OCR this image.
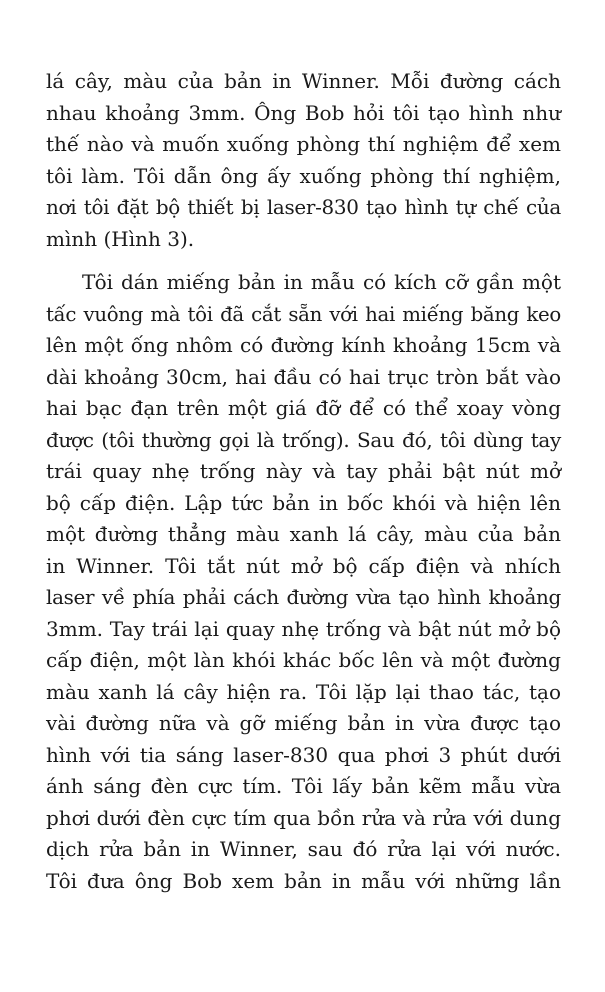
lá cây, màu của bản in Winner. Mỗi đường cách
nhau khoảng 3mm. Ông Bob hỏi tôi tạo hình như
thế nào và muốn xuống phòng thí nghiệm để xem
tôi làm. Tôi dẫn ông ấy xuống phòng thí nghiệm,
nơi tôi đặt bộ thiết bị laser-830 tạo hình tự chế của
mình (Hình 3).
Tôi dán miếng bản in mẫu có kích cỡ gần một
tấc vuông mà tôi đã cắt sẵn với hai miếng băng keo
lên một ống nhôm có đường kính khoảng 15cm và
dài khoảng 30cm, hai đầu có hai trục tròn bắt vào
hai bạc đạn trên một giá đỡ để có thể xoay vòng
được (tôi thường gọi là trống). Sau đó, tôi dùng tay
trái quay nhẹ trống này và tay phải bật nút mở
bộ cấp điện. Lập tức bản in bốc khói và hiện lên
một đường thẳng màu xanh lá cây, màu của bản
in Winner. Tôi tắt nút mở bộ cấp điện và nhích
laser về phía phải cách đường vừa tạo hình khoảng
3mm. Tay trái lại quay nhẹ trống và bật nút mở bộ
cấp điện, một làn khói khác bốc lên và một đường
màu xanh lá cây hiện ra. Tôi lặp lại thao tác, tạo
vài đường nữa và gỡ miếng bản in vừa được tạo
hình với tia sáng laser-830 qua phơi 3 phút dưới
ánh sáng đèn cực tím. Tôi lấy bản kẽm mẫu vừa
phơi dưới đèn cực tím qua bồn rửa và rửa với dung
dịch rửa bản in Winner, sau đó rửa lại với nước.
Tôi đưa ông Bob xem bản in mẫu với những lần
